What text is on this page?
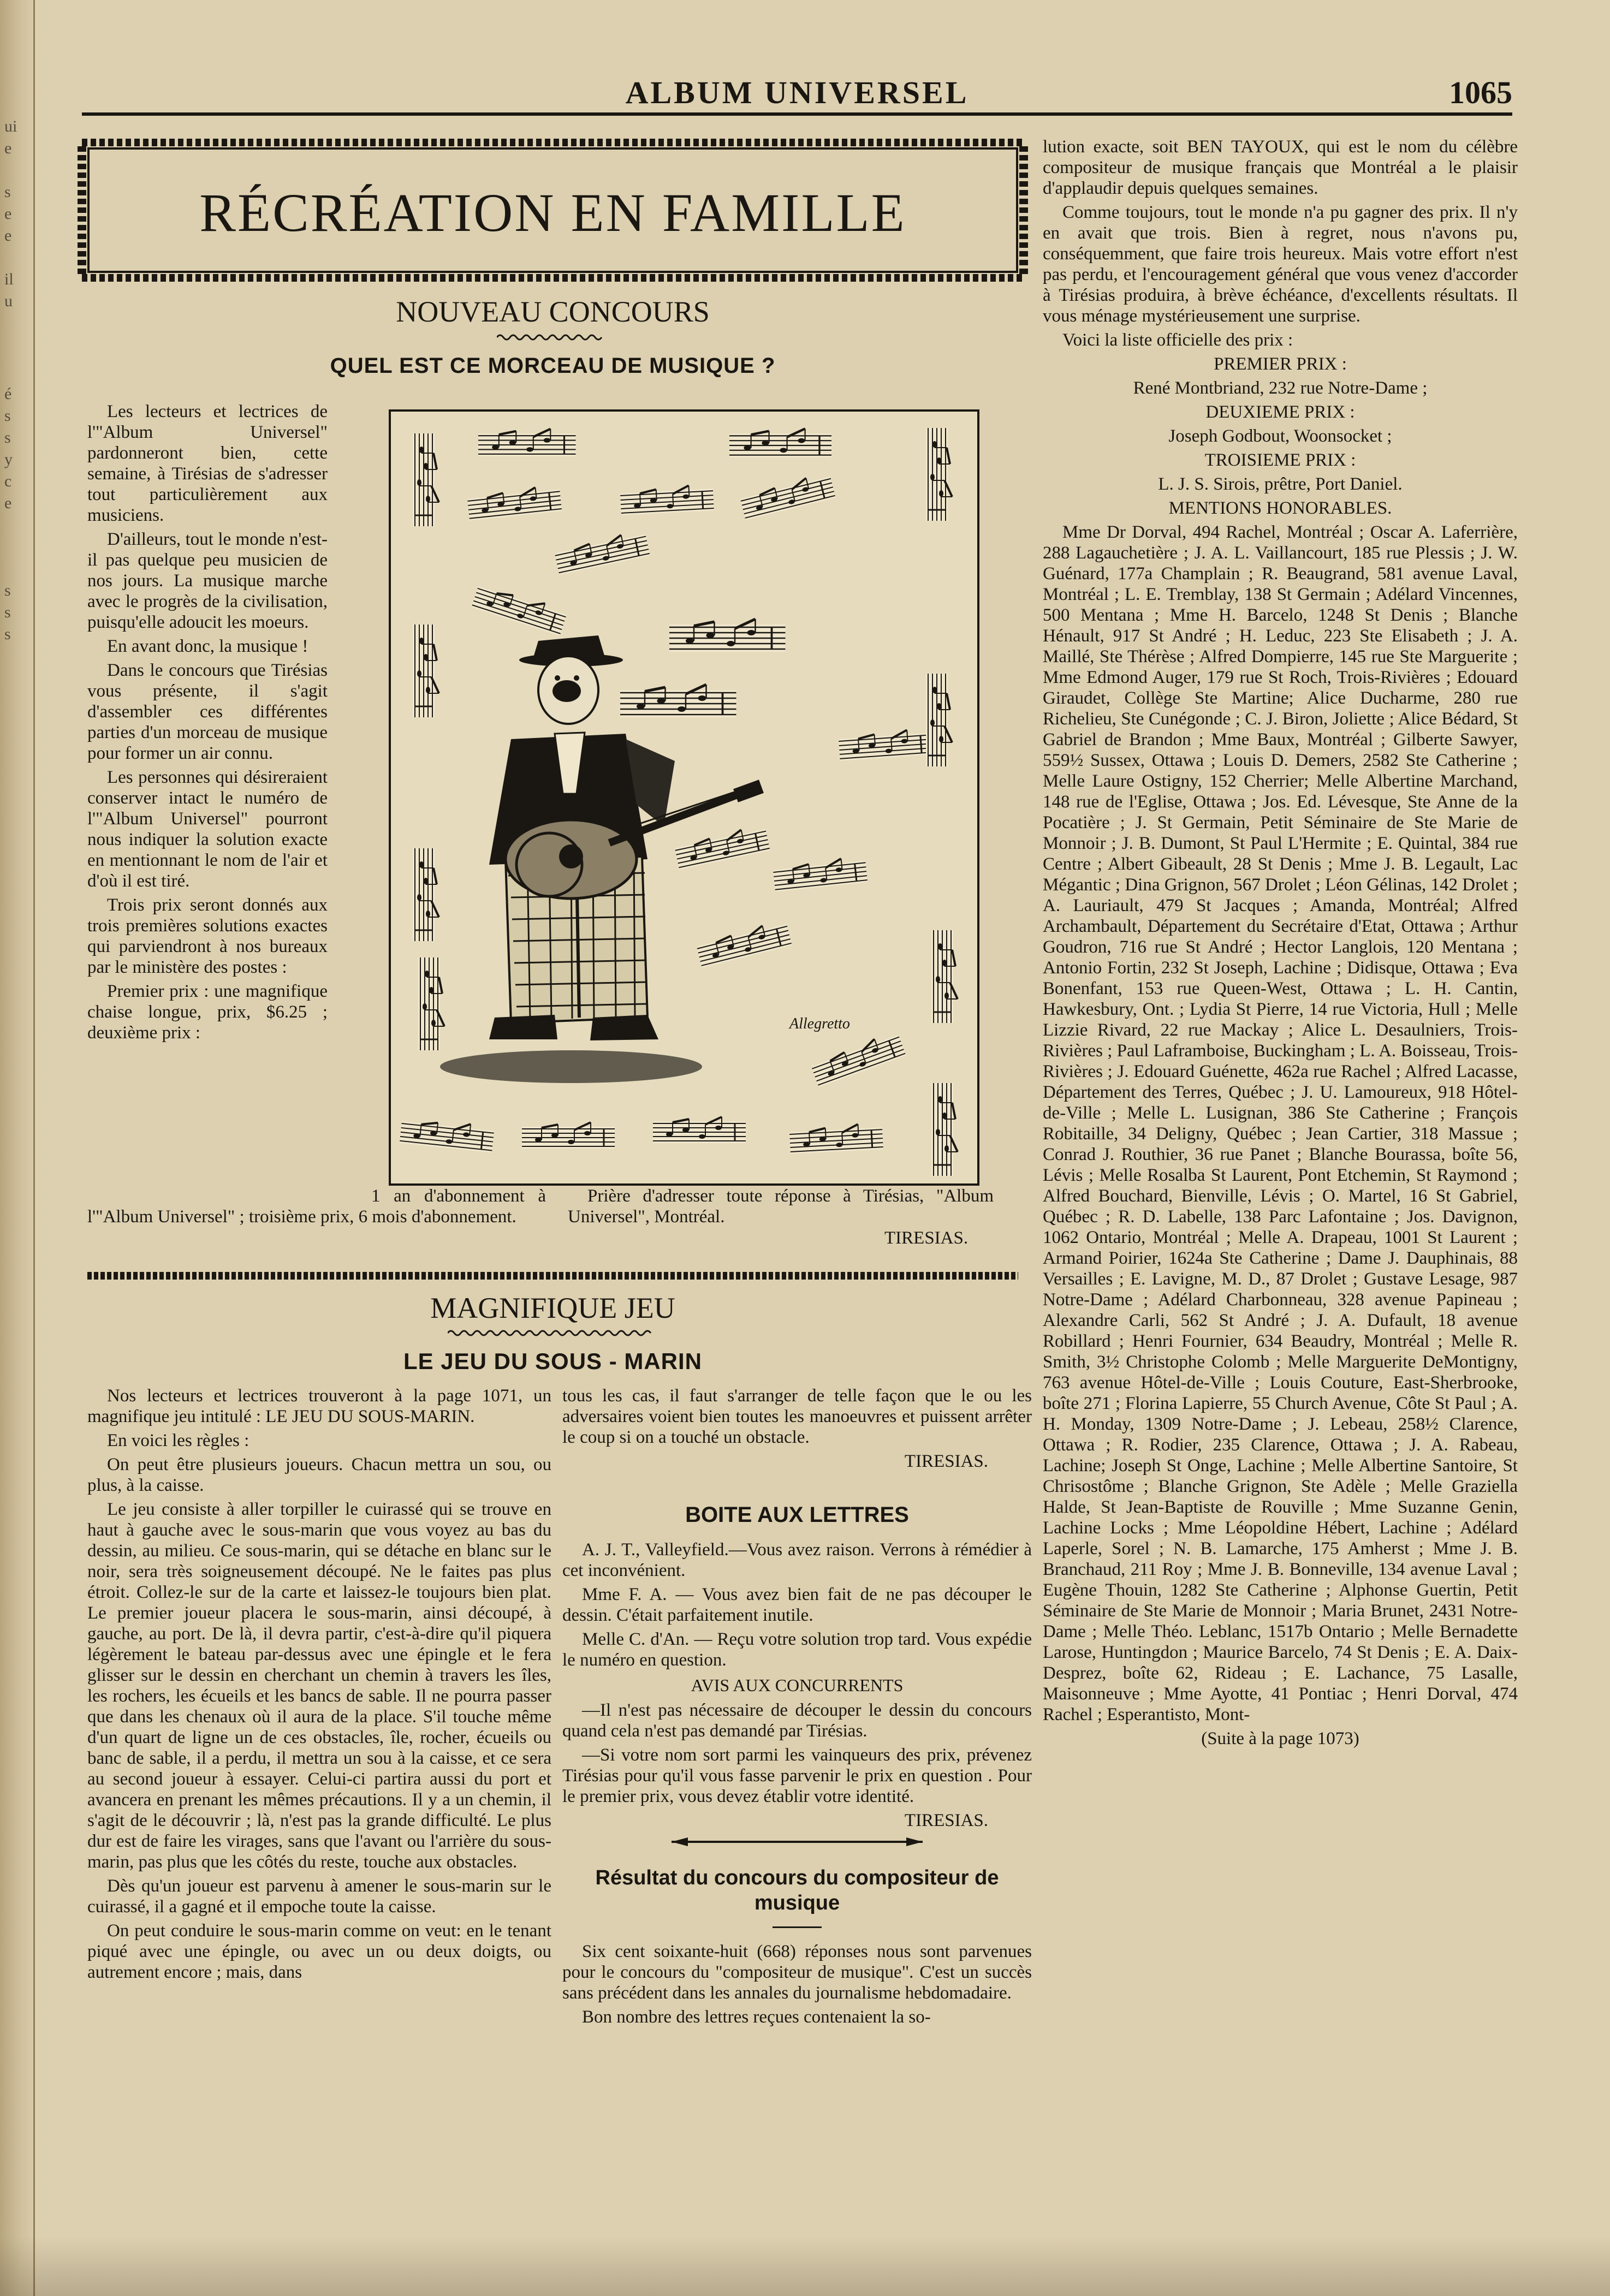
ui
e
s
e
e
il
u
é
s
s
y
c
e
s
s
s
ALBUM UNIVERSEL	1065
RÉCRÉATION EN FAMILLE
NOUVEAU CONCOURS
QUEL EST CE MORCEAU DE MUSIQUE ?

Les lecteurs et lectrices de l'"Album Universel" pardonneront bien, cette semaine, à Tirésias de s'adresser tout particulièrement aux musiciens.

D'ailleurs, tout le monde n'est-il pas quelque peu musicien de nos jours. La musique marche avec le progrès de la civilisation, puisqu'elle adoucit les moeurs.

En avant donc, la musique !

Dans le concours que Tirésias vous présente, il s'agit d'assembler ces différentes parties d'un morceau de musique pour former un air connu.

Les personnes qui désireraient conserver intact le numéro de l'"Album Universel" pourront nous indiquer la solution exacte en mentionnant le nom de l'air et d'où il est tiré.

Trois prix seront donnés aux trois premières solutions exactes qui parviendront à nos bureaux par le ministère des postes :

Premier prix : une magnifique chaise longue, prix, $6.25 ; deuxième prix :	Allegretto

1 an d'abonnement à l'"Album Universel" ; troisième prix, 6 mois d'abonnement.

Prière d'adresser toute réponse à Tirésias, "Album Universel", Montréal.

TIRESIAS.
MAGNIFIQUE JEU
LE JEU DU SOUS - MARIN

Nos lecteurs et lectrices trouveront à la page 1071, un magnifique jeu intitulé : LE JEU DU SOUS-MARIN.

En voici les règles :

On peut être plusieurs joueurs. Chacun mettra un sou, ou plus, à la caisse.

Le jeu consiste à aller torpiller le cuirassé qui se trouve en haut à gauche avec le sous-marin que vous voyez au bas du dessin, au milieu. Ce sous-marin, qui se détache en blanc sur le noir, sera très soigneusement découpé. Ne le faites pas plus étroit. Collez-le sur de la carte et laissez-le toujours bien plat. Le premier joueur placera le sous-marin, ainsi découpé, à gauche, au port. De là, il devra partir, c'est-à-dire qu'il piquera légèrement le bateau par-dessus avec une épingle et le fera glisser sur le dessin en cherchant un chemin à travers les îles, les rochers, les écueils et les bancs de sable. Il ne pourra passer que dans les chenaux où il aura de la place. S'il touche même d'un quart de ligne un de ces obstacles, île, rocher, écueils ou banc de sable, il a perdu, il mettra un sou à la caisse, et ce sera au second joueur à essayer. Celui-ci partira aussi du port et avancera en prenant les mêmes précautions. Il y a un chemin, il s'agit de le découvrir ; là, n'est pas la grande difficulté. Le plus dur est de faire les virages, sans que l'avant ou l'arrière du sous-marin, pas plus que les côtés du reste, touche aux obstacles.

Dès qu'un joueur est parvenu à amener le sous-marin sur le cuirassé, il a gagné et il empoche toute la caisse.

On peut conduire le sous-marin comme on veut: en le tenant piqué avec une épingle, ou avec un ou deux doigts, ou autrement encore ; mais, dans

tous les cas, il faut s'arranger de telle façon que le ou les adversaires voient bien toutes les manoeuvres et puissent arrêter le coup si on a touché un obstacle.

TIRESIAS.
BOITE AUX LETTRES

A. J. T., Valleyfield.—Vous avez raison. Verrons à rémédier à cet inconvénient.

Mme F. A. — Vous avez bien fait de ne pas découper le dessin. C'était parfaitement inutile.

Melle C. d'An. — Reçu votre solution trop tard. Vous expédie le numéro en question.

AVIS AUX CONCURRENTS

—Il n'est pas nécessaire de découper le dessin du concours quand cela n'est pas demandé par Tirésias.

—Si votre nom sort parmi les vainqueurs des prix, prévenez Tirésias pour qu'il vous fasse parvenir le prix en question . Pour le premier prix, vous devez établir votre identité.

TIRESIAS.
Résultat du concours du compositeur de musique

Six cent soixante-huit (668) réponses nous sont parvenues pour le concours du "compositeur de musique". C'est un succès sans précédent dans les annales du journalisme hebdomadaire.

Bon nombre des lettres reçues contenaient la so-

lution exacte, soit BEN TAYOUX, qui est le nom du célèbre compositeur de musique français que Montréal a le plaisir d'applaudir depuis quelques semaines.

Comme toujours, tout le monde n'a pu gagner des prix. Il n'y en avait que trois. Bien à regret, nous n'avons pu, conséquemment, que faire trois heureux. Mais votre effort n'est pas perdu, et l'encouragement général que vous venez d'accorder à Tirésias produira, à brève échéance, d'excellents résultats. Il vous ménage mystérieusement une surprise.

Voici la liste officielle des prix :

PREMIER PRIX :
René Montbriand, 232 rue Notre-Dame ;
DEUXIEME PRIX :
Joseph Godbout, Woonsocket ;
TROISIEME PRIX :
L. J. S. Sirois, prêtre, Port Daniel.
MENTIONS HONORABLES.

Mme Dr Dorval, 494 Rachel, Montréal ; Oscar A. Laferrière, 288 Lagauchetière ; J. A. L. Vaillancourt, 185 rue Plessis ; J. W. Guénard, 177a Champlain ; R. Beaugrand, 581 avenue Laval, Montréal ; L. E. Tremblay, 138 St Germain ; Adélard Vincennes, 500 Mentana ; Mme H. Barcelo, 1248 St Denis ; Blanche Hénault, 917 St André ; H. Leduc, 223 Ste Elisabeth ; J. A. Maillé, Ste Thérèse ; Alfred Dompierre, 145 rue Ste Marguerite ; Mme Edmond Auger, 179 rue St Roch, Trois-Rivières ; Edouard Giraudet, Collège Ste Martine; Alice Ducharme, 280 rue Richelieu, Ste Cunégonde ; C. J. Biron, Joliette ; Alice Bédard, St Gabriel de Brandon ; Mme Baux, Montréal ; Gilberte Sawyer, 559½ Sussex, Ottawa ; Louis D. Demers, 2582 Ste Catherine ; Melle Laure Ostigny, 152 Cherrier; Melle Albertine Marchand, 148 rue de l'Eglise, Ottawa ; Jos. Ed. Lévesque, Ste Anne de la Pocatière ; J. St Germain, Petit Séminaire de Ste Marie de Monnoir ; J. B. Dumont, St Paul L'Hermite ; E. Quintal, 384 rue Centre ; Albert Gibeault, 28 St Denis ; Mme J. B. Legault, Lac Mégantic ; Dina Grignon, 567 Drolet ; Léon Gélinas, 142 Drolet ; A. Lauriault, 479 St Jacques ; Amanda, Montréal; Alfred Archambault, Département du Secrétaire d'Etat, Ottawa ; Arthur Goudron, 716 rue St André ; Hector Langlois, 120 Mentana ; Antonio Fortin, 232 St Joseph, Lachine ; Didisque, Ottawa ; Eva Bonenfant, 153 rue Queen-West, Ottawa ; L. H. Cantin, Hawkesbury, Ont. ; Lydia St Pierre, 14 rue Victoria, Hull ; Melle Lizzie Rivard, 22 rue Mackay ; Alice L. Desaulniers, Trois-Rivières ; Paul Laframboise, Buckingham ; L. A. Boisseau, Trois-Rivières ; J. Edouard Guénette, 462a rue Rachel ; Alfred Lacasse, Département des Terres, Québec ; J. U. Lamoureux, 918 Hôtel-de-Ville ; Melle L. Lusignan, 386 Ste Catherine ; François Robitaille, 34 Deligny, Québec ; Jean Cartier, 318 Massue ; Conrad J. Routhier, 36 rue Panet ; Blanche Bourassa, boîte 56, Lévis ; Melle Rosalba St Laurent, Pont Etchemin, St Raymond ; Alfred Bouchard, Bienville, Lévis ; O. Martel, 16 St Gabriel, Québec ; R. D. Labelle, 138 Parc Lafontaine ; Jos. Davignon, 1062 Ontario, Montréal ; Melle A. Drapeau, 1001 St Laurent ; Armand Poirier, 1624a Ste Catherine ; Dame J. Dauphinais, 88 Versailles ; E. Lavigne, M. D., 87 Drolet ; Gustave Lesage, 987 Notre-Dame ; Adélard Charbonneau, 328 avenue Papineau ; Alexandre Carli, 562 St André ; J. A. Dufault, 18 avenue Robillard ; Henri Fournier, 634 Beaudry, Montréal ; Melle R. Smith, 3½ Christophe Colomb ; Melle Marguerite DeMontigny, 763 avenue Hôtel-de-Ville ; Louis Couture, East-Sherbrooke, boîte 271 ; Florina Lapierre, 55 Church Avenue, Côte St Paul ; A. H. Monday, 1309 Notre-Dame ; J. Lebeau, 258½ Clarence, Ottawa ; R. Rodier, 235 Clarence, Ottawa ; J. A. Rabeau, Lachine; Joseph St Onge, Lachine ; Melle Albertine Santoire, St Chrisostôme ; Blanche Grignon, Ste Adèle ; Melle Graziella Halde, St Jean-Baptiste de Rouville ; Mme Suzanne Genin, Lachine Locks ; Mme Léopoldine Hébert, Lachine ; Adélard Laperle, Sorel ; N. B. Lamarche, 175 Amherst ; Mme J. B. Branchaud, 211 Roy ; Mme J. B. Bonneville, 134 avenue Laval ; Eugène Thouin, 1282 Ste Catherine ; Alphonse Guertin, Petit Séminaire de Ste Marie de Monnoir ; Maria Brunet, 2431 Notre-Dame ; Melle Théo. Leblanc, 1517b Ontario ; Melle Bernadette Larose, Huntingdon ; Maurice Barcelo, 74 St Denis ; E. A. Daix-Desprez, boîte 62, Rideau ; E. Lachance, 75 Lasalle, Maisonneuve ; Mme Ayotte, 41 Pontiac ; Henri Dorval, 474 Rachel ; Esperantisto, Mont-

(Suite à la page 1073)
